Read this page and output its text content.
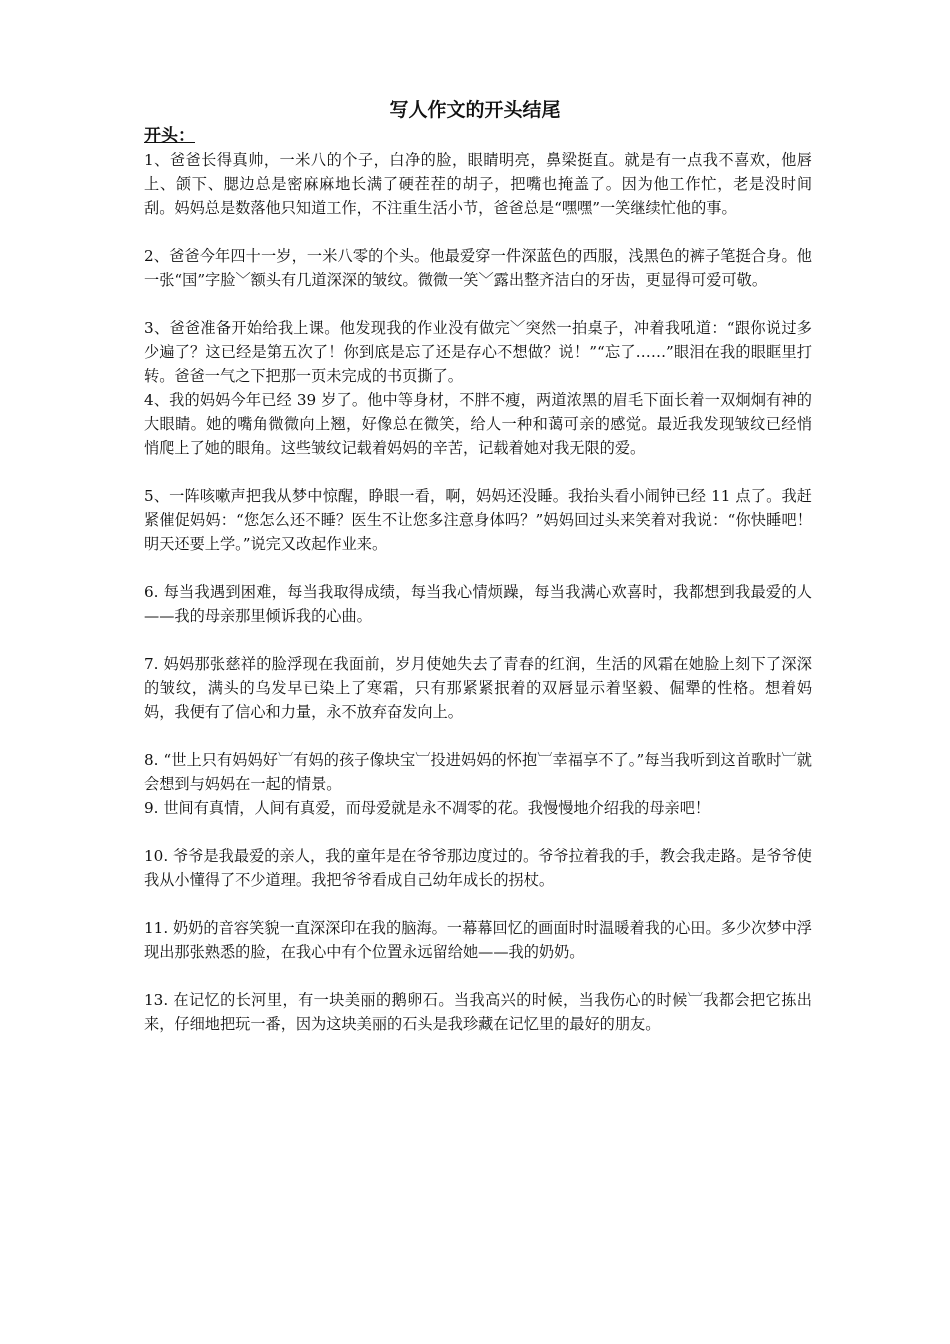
写人作文的开头结尾

开头：

1、爸爸长得真帅，一米八的个子，白净的脸，眼睛明亮，鼻梁挺直。就是有一点我不喜欢，他唇上、颌下、腮边总是密麻麻地长满了硬茬茬的胡子，把嘴也掩盖了。因为他工作忙，老是没时间刮。妈妈总是数落他只知道工作，不注重生活小节，爸爸总是“嘿嘿”一笑继续忙他的事。

2、爸爸今年四十一岁，一米八零的个头。他最爱穿一件深蓝色的西服，浅黑色的裤子笔挺合身。他一张“国”字脸﹀额头有几道深深的皱纹。微微一笑﹀露出整齐洁白的牙齿，更显得可爱可敬。

3、爸爸准备开始给我上课。他发现我的作业没有做完﹀突然一拍桌子，冲着我吼道：“跟你说过多少遍了？这已经是第五次了！你到底是忘了还是存心不想做？说！”“忘了……”眼泪在我的眼眶里打转。爸爸一气之下把那一页未完成的书页撕了。

4、我的妈妈今年已经 39 岁了。他中等身材，不胖不瘦，两道浓黑的眉毛下面长着一双炯炯有神的大眼睛。她的嘴角微微向上翘，好像总在微笑，给人一种和蔼可亲的感觉。最近我发现皱纹已经悄悄爬上了她的眼角。这些皱纹记载着妈妈的辛苦，记载着她对我无限的爱。

5、一阵咳嗽声把我从梦中惊醒，睁眼一看，啊，妈妈还没睡。我抬头看小闹钟已经 11 点了。我赶紧催促妈妈：“您怎么还不睡？医生不让您多注意身体吗？”妈妈回过头来笑着对我说：“你快睡吧！明天还要上学。”说完又改起作业来。

6. 每当我遇到困难，每当我取得成绩，每当我心情烦躁，每当我满心欢喜时，我都想到我最爱的人——我的母亲那里倾诉我的心曲。

7. 妈妈那张慈祥的脸浮现在我面前，岁月使她失去了青春的红润，生活的风霜在她脸上刻下了深深的皱纹，满头的乌发早已染上了寒霜，只有那紧紧抿着的双唇显示着坚毅、倔犟的性格。想着妈妈，我便有了信心和力量，永不放弃奋发向上。

8. “世上只有妈妈好︺有妈的孩子像块宝︺投进妈妈的怀抱︺幸福享不了。”每当我听到这首歌时︺就会想到与妈妈在一起的情景。

9. 世间有真情，人间有真爱，而母爱就是永不凋零的花。我慢慢地介绍我的母亲吧！

10. 爷爷是我最爱的亲人，我的童年是在爷爷那边度过的。爷爷拉着我的手，教会我走路。是爷爷使我从小懂得了不少道理。我把爷爷看成自己幼年成长的拐杖。

11. 奶奶的音容笑貌一直深深印在我的脑海。一幕幕回忆的画面时时温暖着我的心田。多少次梦中浮现出那张熟悉的脸，在我心中有个位置永远留给她——我的奶奶。

13. 在记忆的长河里，有一块美丽的鹅卵石。当我高兴的时候，当我伤心的时候︺我都会把它拣出来，仔细地把玩一番，因为这块美丽的石头是我珍藏在记忆里的最好的朋友。
